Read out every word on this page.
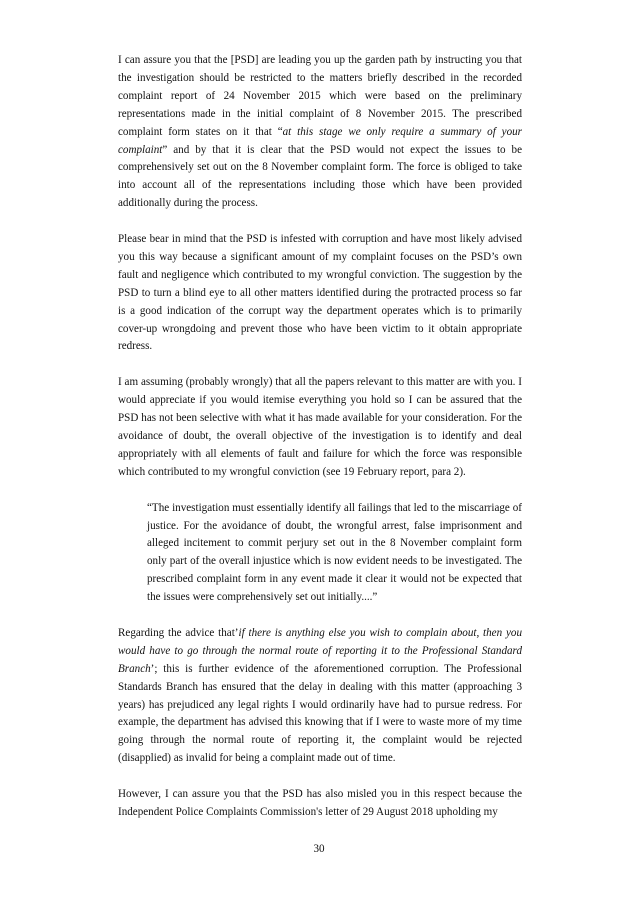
I can assure you that the [PSD] are leading you up the garden path by instructing you that the investigation should be restricted to the matters briefly described in the recorded complaint report of 24 November 2015 which were based on the preliminary representations made in the initial complaint of 8 November 2015. The prescribed complaint form states on it that “at this stage we only require a summary of your complaint” and by that it is clear that the PSD would not expect the issues to be comprehensively set out on the 8 November complaint form. The force is obliged to take into account all of the representations including those which have been provided additionally during the process.

Please bear in mind that the PSD is infested with corruption and have most likely advised you this way because a significant amount of my complaint focuses on the PSD’s own fault and negligence which contributed to my wrongful conviction. The suggestion by the PSD to turn a blind eye to all other matters identified during the protracted process so far is a good indication of the corrupt way the department operates which is to primarily cover-up wrongdoing and prevent those who have been victim to it obtain appropriate redress.

I am assuming (probably wrongly) that all the papers relevant to this matter are with you. I would appreciate if you would itemise everything you hold so I can be assured that the PSD has not been selective with what it has made available for your consideration. For the avoidance of doubt, the overall objective of the investigation is to identify and deal appropriately with all elements of fault and failure for which the force was responsible which contributed to my wrongful conviction (see 19 February report, para 2).

“The investigation must essentially identify all failings that led to the miscarriage of justice. For the avoidance of doubt, the wrongful arrest, false imprisonment and alleged incitement to commit perjury set out in the 8 November complaint form only part of the overall injustice which is now evident needs to be investigated. The prescribed complaint form in any event made it clear it would not be expected that the issues were comprehensively set out initially....”

Regarding the advice that’if there is anything else you wish to complain about, then you would have to go through the normal route of reporting it to the Professional Standard Branch’; this is further evidence of the aforementioned corruption. The Professional Standards Branch has ensured that the delay in dealing with this matter (approaching 3 years) has prejudiced any legal rights I would ordinarily have had to pursue redress. For example, the department has advised this knowing that if I were to waste more of my time going through the normal route of reporting it, the complaint would be rejected (disapplied) as invalid for being a complaint made out of time.

However, I can assure you that the PSD has also misled you in this respect because the Independent Police Complaints Commission's letter of 29 August 2018 upholding my

30
